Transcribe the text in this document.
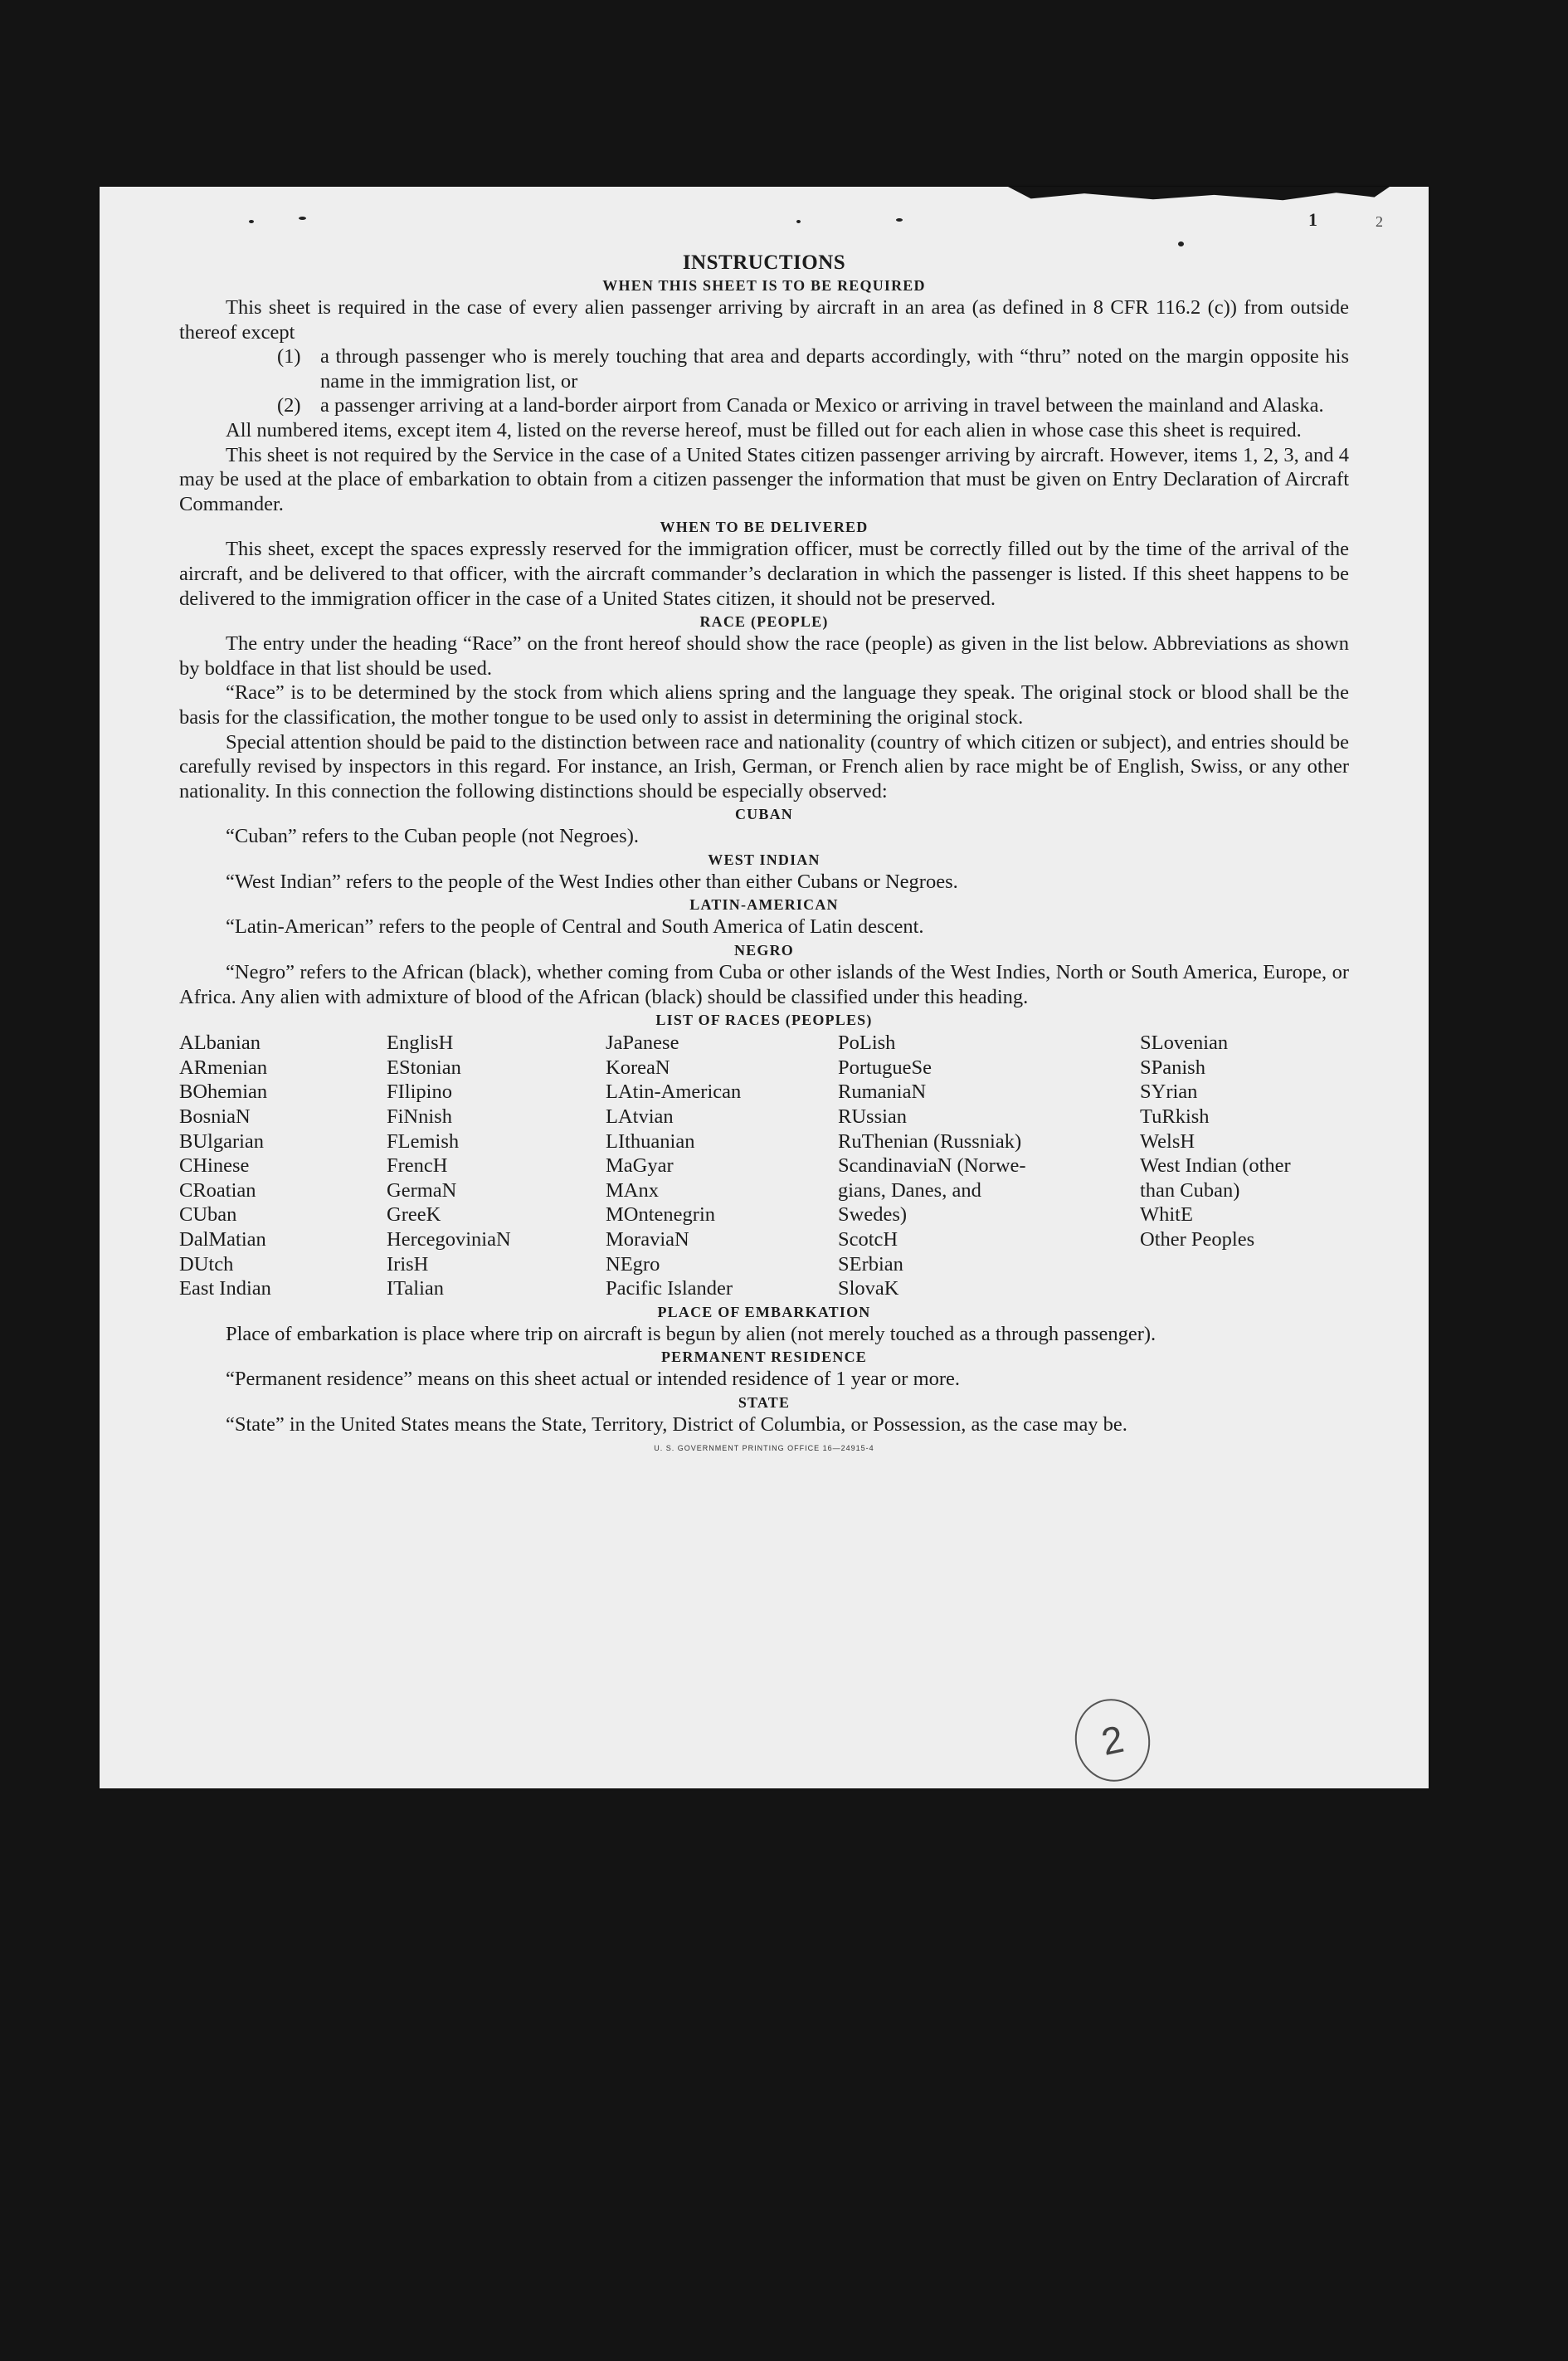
1	2
INSTRUCTIONS
WHEN THIS SHEET IS TO BE REQUIRED

This sheet is required in the case of every alien passenger arriving by aircraft in an area (as defined in 8 CFR 116.2 (c)) from outside thereof except

(1) a through passenger who is merely touching that area and departs accordingly, with “thru” noted on the margin opposite his name in the immigration list, or
(2) a passenger arriving at a land-border airport from Canada or Mexico or arriving in travel between the mainland and Alaska.

All numbered items, except item 4, listed on the reverse hereof, must be filled out for each alien in whose case this sheet is required.

This sheet is not required by the Service in the case of a United States citizen passenger arriving by aircraft. However, items 1, 2, 3, and 4 may be used at the place of embarkation to obtain from a citizen passenger the information that must be given on Entry Declaration of Aircraft Commander.

WHEN TO BE DELIVERED

This sheet, except the spaces expressly reserved for the immigration officer, must be correctly filled out by the time of the arrival of the aircraft, and be delivered to that officer, with the aircraft commander’s declaration in which the passenger is listed. If this sheet happens to be delivered to the immigration officer in the case of a United States citizen, it should not be preserved.

RACE (PEOPLE)

The entry under the heading “Race” on the front hereof should show the race (people) as given in the list below. Abbreviations as shown by boldface in that list should be used.

“Race” is to be determined by the stock from which aliens spring and the language they speak. The original stock or blood shall be the basis for the classification, the mother tongue to be used only to assist in determining the original stock.

Special attention should be paid to the distinction between race and nationality (country of which citizen or subject), and entries should be carefully revised by inspectors in this regard. For instance, an Irish, German, or French alien by race might be of English, Swiss, or any other nationality. In this connection the following distinctions should be especially observed:

CUBAN

“Cuban” refers to the Cuban people (not Negroes).

WEST INDIAN

“West Indian” refers to the people of the West Indies other than either Cubans or Negroes.

LATIN-AMERICAN

“Latin-American” refers to the people of Central and South America of Latin descent.

NEGRO

“Negro” refers to the African (black), whether coming from Cuba or other islands of the West Indies, North or South America, Europe, or Africa. Any alien with admixture of blood of the African (black) should be classified under this heading.

LIST OF RACES (PEOPLES)
ALbanian
ARmenian
BOhemian
BosniaN
BUlgarian
CHinese
CRoatian
CUban
DalMatian
DUtch
East Indian
EnglisH
EStonian
FIlipino
FiNnish
FLemish
FrencH
GermaN
GreeK
HercegoviniaN
IrisH
ITalian
JaPanese
KoreaN
LAtin-American
LAtvian
LIthuanian
MaGyar
MAnx
MOntenegrin
MoraviaN
NEgro
Pacific Islander
PoLish
PortugueSe
RumaniaN
RUssian
RuThenian (Russniak)
ScandinaviaN (Norwe-
gians, Danes, and
Swedes)
ScotcH
SErbian
SlovaK
SLovenian
SPanish
SYrian
TuRkish
WelsH
West Indian (other
than Cuban)
WhitE
Other Peoples
PLACE OF EMBARKATION

Place of embarkation is place where trip on aircraft is begun by alien (not merely touched as a through passenger).

PERMANENT RESIDENCE

“Permanent residence” means on this sheet actual or intended residence of 1 year or more.

STATE

“State” in the United States means the State, Territory, District of Columbia, or Possession, as the case may be.

U. S. GOVERNMENT PRINTING OFFICE 16—24915-4
2
